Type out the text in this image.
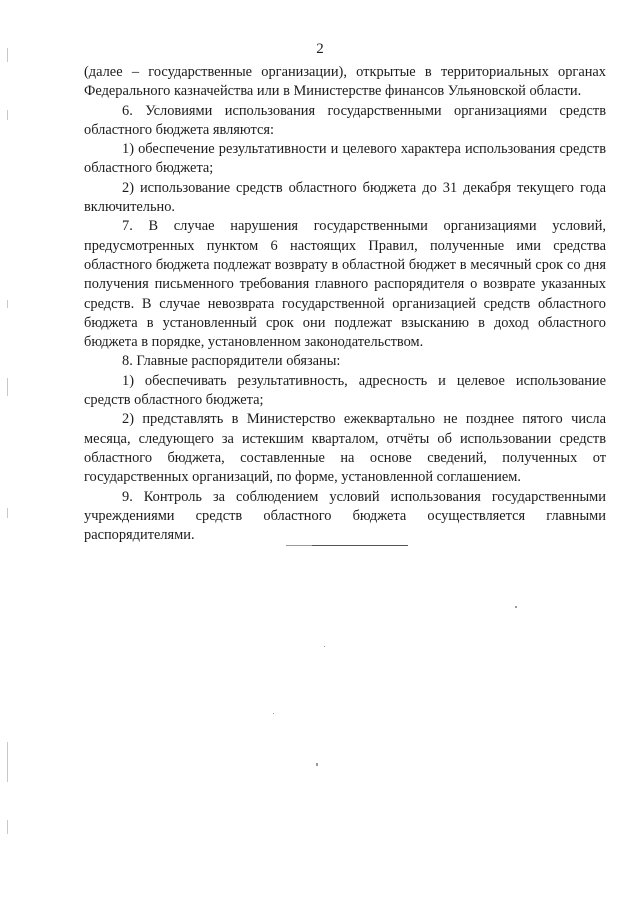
2

(далее – государственные организации), открытые в территориальных органах Федерального казначейства или в Министерстве финансов Ульяновской области.

6. Условиями использования государственными организациями средств областного бюджета являются:

1) обеспечение результативности и целевого характера использования средств областного бюджета;

2) использование средств областного бюджета до 31 декабря текущего года включительно.

7. В случае нарушения государственными организациями условий, предусмотренных пунктом 6 настоящих Правил, полученные ими средства областного бюджета подлежат возврату в областной бюджет в месячный срок со дня получения письменного требования главного распорядителя о возврате указанных средств. В случае невозврата государственной организацией средств областного бюджета в установленный срок они подлежат взысканию в доход областного бюджета в порядке, установленном законодательством.

8. Главные распорядители обязаны:

1) обеспечивать результативность, адресность и целевое использование средств областного бюджета;

2) представлять в Министерство ежеквартально не позднее пятого числа месяца, следующего за истекшим кварталом, отчёты об использовании средств областного бюджета, составленные на основе сведений, полученных от государственных организаций, по форме, установленной соглашением.

9. Контроль за соблюдением условий использования государственными учреждениями средств областного бюджета осуществляется главными распорядителями.
